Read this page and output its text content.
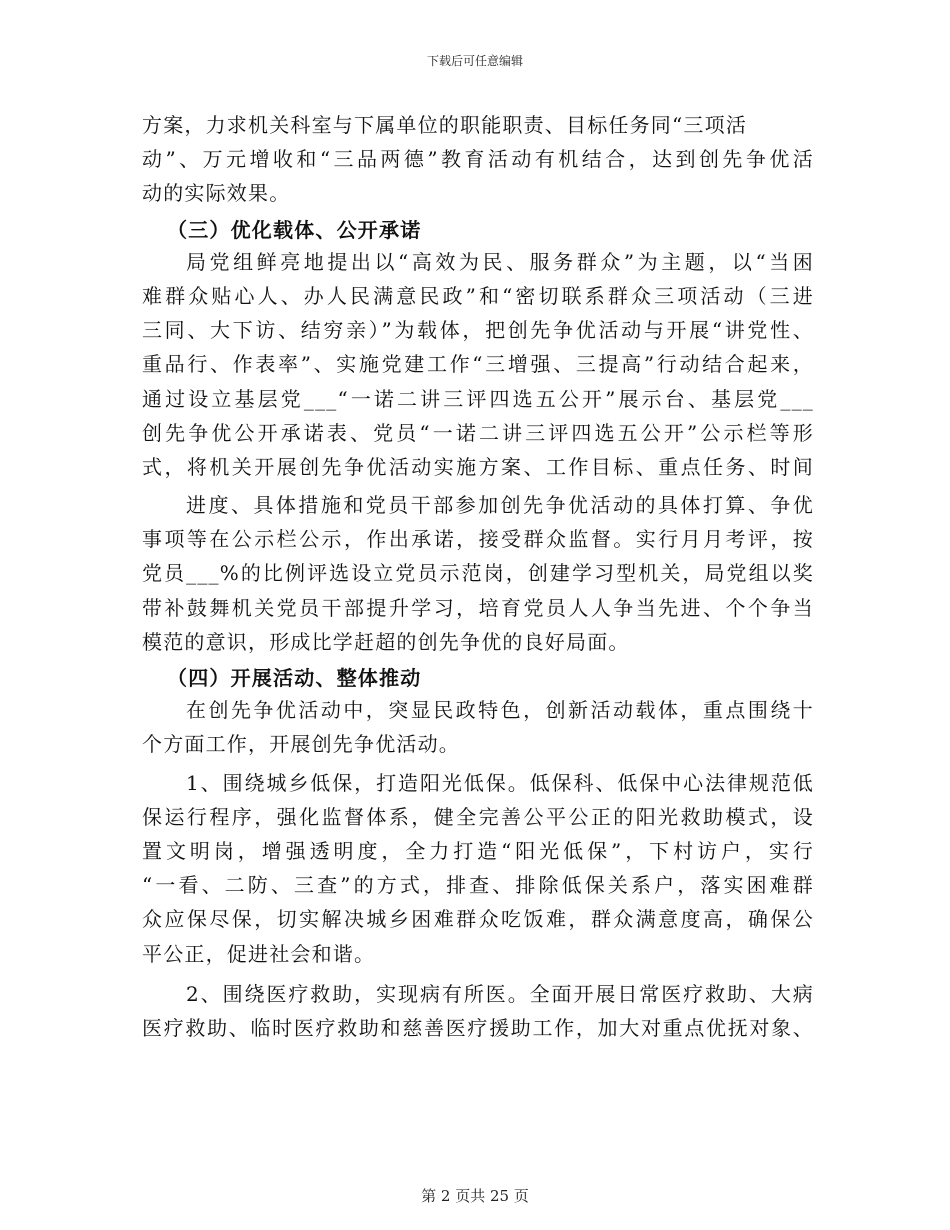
下载后可任意编辑
方案，力求机关科室与下属单位的职能职责、目标任务同“三项活
动”、万元增收和“三品两德”教育活动有机结合，达到创先争优活
动的实际效果。
（三）优化载体、公开承诺
局党组鲜亮地提出以“高效为民、服务群众”为主题，以“当困
难群众贴心人、办人民满意民政”和“密切联系群众三项活动（三进
三同、大下访、结穷亲）”为载体，把创先争优活动与开展“讲党性、
重品行、作表率”、实施党建工作“三增强、三提高”行动结合起来，
通过设立基层党___“一诺二讲三评四选五公开”展示台、基层党___
创先争优公开承诺表、党员“一诺二讲三评四选五公开”公示栏等形
式，将机关开展创先争优活动实施方案、工作目标、重点任务、时间
进度、具体措施和党员干部参加创先争优活动的具体打算、争优
事项等在公示栏公示，作出承诺，接受群众监督。实行月月考评，按
党员___%的比例评选设立党员示范岗，创建学习型机关，局党组以奖
带补鼓舞机关党员干部提升学习，培育党员人人争当先进、个个争当
模范的意识，形成比学赶超的创先争优的良好局面。
（四）开展活动、整体推动
在创先争优活动中，突显民政特色，创新活动载体，重点围绕十
个方面工作，开展创先争优活动。
1、围绕城乡低保，打造阳光低保。低保科、低保中心法律规范低
保运行程序，强化监督体系，健全完善公平公正的阳光救助模式，设
置文明岗，增强透明度，全力打造“阳光低保”，下村访户，实行
“一看、二防、三查”的方式，排查、排除低保关系户，落实困难群
众应保尽保，切实解决城乡困难群众吃饭难，群众满意度高，确保公
平公正，促进社会和谐。
2、围绕医疗救助，实现病有所医。全面开展日常医疗救助、大病
医疗救助、临时医疗救助和慈善医疗援助工作，加大对重点优抚对象、
第 2 页共 25 页
